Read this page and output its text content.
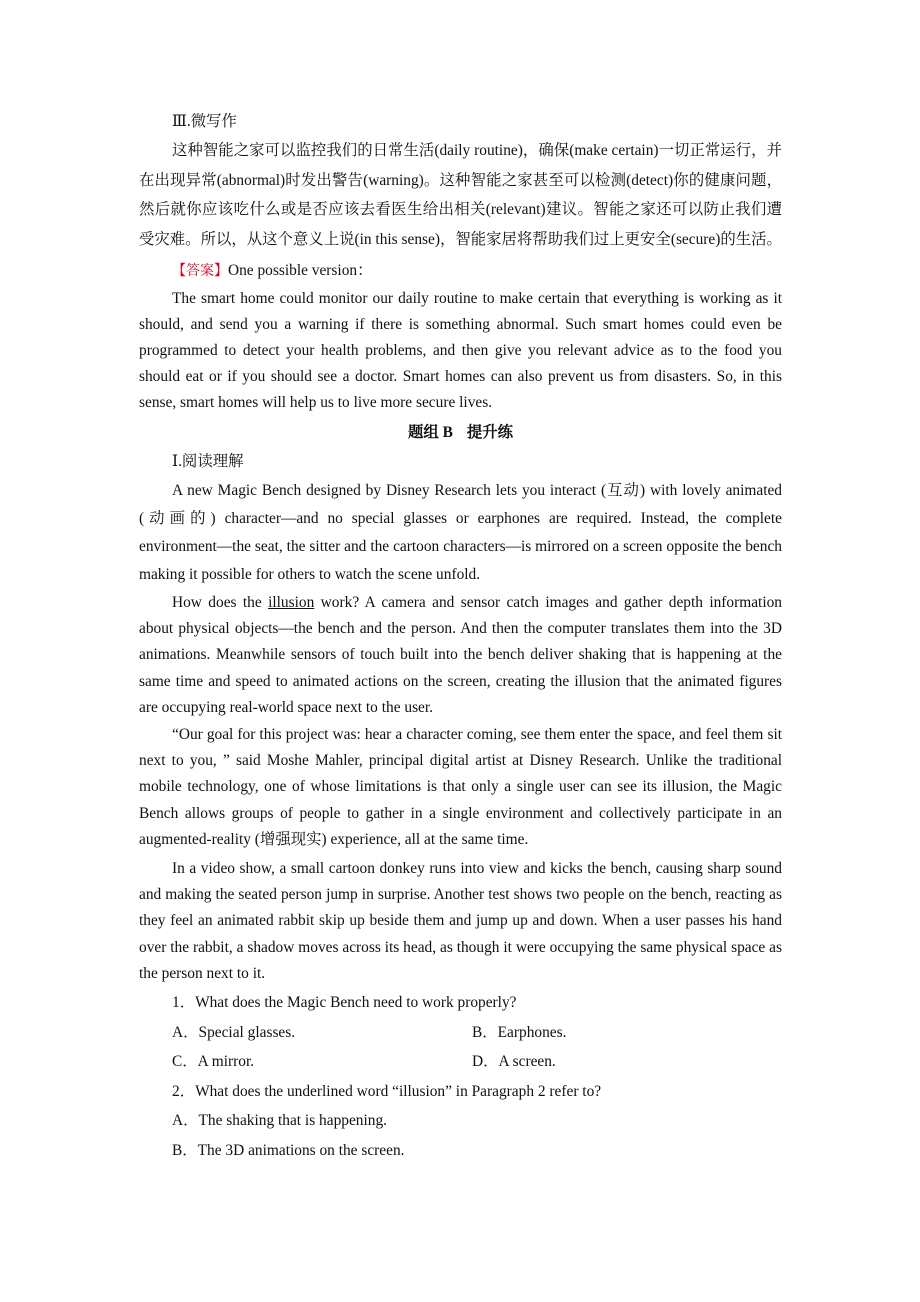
Ⅲ.微写作

这种智能之家可以监控我们的日常生活(daily routine)，确保(make certain)一切正常运行，并在出现异常(abnormal)时发出警告(warning)。这种智能之家甚至可以检测(detect)你的健康问题，然后就你应该吃什么或是否应该去看医生给出相关(relevant)建议。智能之家还可以防止我们遭受灾难。所以，从这个意义上说(in this sense)，智能家居将帮助我们过上更安全(secure)的生活。

【答案】One possible version：

The smart home could monitor our daily routine to make certain that everything is working as it should, and send you a warning if there is something abnormal. Such smart homes could even be programmed to detect your health problems, and then give you relevant advice as to the food you should eat or if you should see a doctor. Smart homes can also prevent us from disasters. So, in this sense, smart homes will help us to live more secure lives.

题组 B 提升练

Ⅰ.阅读理解

A new Magic Bench designed by Disney Research lets you interact (互动) with lovely animated (动画的) character—and no special glasses or earphones are required. Instead, the complete environment—the seat, the sitter and the cartoon characters—is mirrored on a screen opposite the bench making it possible for others to watch the scene unfold.

How does the illusion work? A camera and sensor catch images and gather depth information about physical objects—the bench and the person. And then the computer translates them into the 3D animations. Meanwhile sensors of touch built into the bench deliver shaking that is happening at the same time and speed to animated actions on the screen, creating the illusion that the animated figures are occupying real-world space next to the user.

“Our goal for this project was: hear a character coming, see them enter the space, and feel them sit next to you, ” said Moshe Mahler, principal digital artist at Disney Research. Unlike the traditional mobile technology, one of whose limitations is that only a single user can see its illusion, the Magic Bench allows groups of people to gather in a single environment and collectively participate in an augmented-reality (增强现实) experience, all at the same time.

In a video show, a small cartoon donkey runs into view and kicks the bench, causing sharp sound and making the seated person jump in surprise. Another test shows two people on the bench, reacting as they feel an animated rabbit skip up beside them and jump up and down. When a user passes his hand over the rabbit, a shadow moves across its head, as though it were occupying the same physical space as the person next to it.

1．What does the Magic Bench need to work properly?

A．Special glasses.	B．Earphones.
C．A mirror.	D．A screen.

2．What does the underlined word “illusion” in Paragraph 2 refer to?

A．The shaking that is happening.

B．The 3D animations on the screen.
